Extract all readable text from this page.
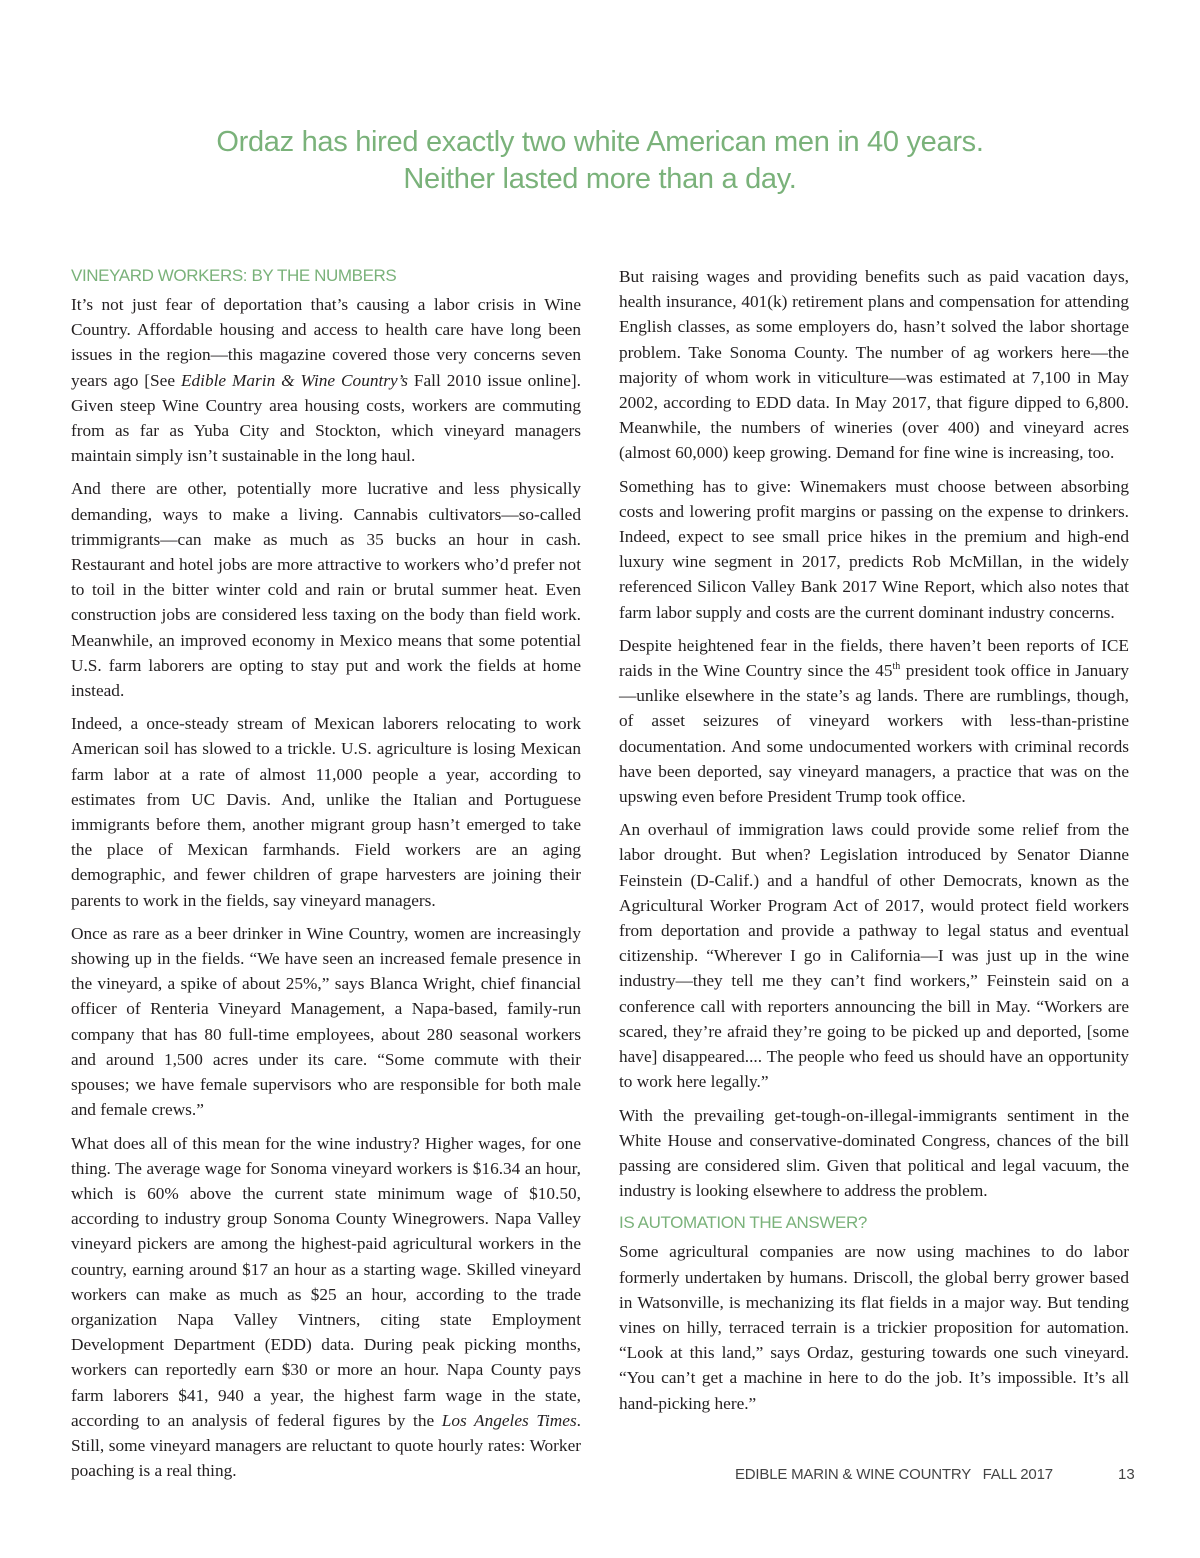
Ordaz has hired exactly two white American men in 40 years.
Neither lasted more than a day.
VINEYARD WORKERS: BY THE NUMBERS

It’s not just fear of deportation that’s causing a labor crisis in Wine Country. Affordable housing and access to health care have long been issues in the region—this magazine covered those very concerns seven years ago [See Edible Marin & Wine Country’s Fall 2010 issue online]. Given steep Wine Country area housing costs, workers are commuting from as far as Yuba City and Stockton, which vineyard managers maintain simply isn’t sustainable in the long haul.

And there are other, potentially more lucrative and less physically demanding, ways to make a living. Cannabis cultivators—so-called trimmigrants—can make as much as 35 bucks an hour in cash. Restaurant and hotel jobs are more attractive to workers who’d prefer not to toil in the bitter winter cold and rain or brutal summer heat. Even construction jobs are considered less taxing on the body than field work. Meanwhile, an improved economy in Mexico means that some potential U.S. farm laborers are opting to stay put and work the fields at home instead.

Indeed, a once-steady stream of Mexican laborers relocating to work American soil has slowed to a trickle. U.S. agriculture is losing Mexican farm labor at a rate of almost 11,000 people a year, according to estimates from UC Davis. And, unlike the Italian and Portuguese immigrants before them, another migrant group hasn’t emerged to take the place of Mexican farmhands. Field workers are an aging demographic, and fewer children of grape harvesters are joining their parents to work in the fields, say vineyard managers.

Once as rare as a beer drinker in Wine Country, women are increasingly showing up in the fields. “We have seen an increased female presence in the vineyard, a spike of about 25%,” says Blanca Wright, chief financial officer of Renteria Vineyard Management, a Napa-based, family-run company that has 80 full-time employees, about 280 seasonal workers and around 1,500 acres under its care. “Some commute with their spouses; we have female supervisors who are responsible for both male and female crews.”

What does all of this mean for the wine industry? Higher wages, for one thing. The average wage for Sonoma vineyard workers is $16.34 an hour, which is 60% above the current state minimum wage of $10.50, according to industry group Sonoma County Winegrowers. Napa Valley vineyard pickers are among the highest-paid agricultural workers in the country, earning around $17 an hour as a starting wage. Skilled vineyard workers can make as much as $25 an hour, according to the trade organization Napa Valley Vintners, citing state Employment Development Department (EDD) data. During peak picking months, workers can reportedly earn $30 or more an hour. Napa County pays farm laborers $41, 940 a year, the highest farm wage in the state, according to an analysis of federal figures by the Los Angeles Times. Still, some vineyard managers are reluctant to quote hourly rates: Worker poaching is a real thing.

But raising wages and providing benefits such as paid vacation days, health insurance, 401(k) retirement plans and compensation for attending English classes, as some employers do, hasn’t solved the labor shortage problem. Take Sonoma County. The number of ag workers here—the majority of whom work in viticulture—was estimated at 7,100 in May 2002, according to EDD data. In May 2017, that figure dipped to 6,800. Meanwhile, the numbers of wineries (over 400) and vineyard acres (almost 60,000) keep growing. Demand for fine wine is increasing, too.

Something has to give: Winemakers must choose between absorbing costs and lowering profit margins or passing on the expense to drinkers. Indeed, expect to see small price hikes in the premium and high-end luxury wine segment in 2017, predicts Rob McMillan, in the widely referenced Silicon Valley Bank 2017 Wine Report, which also notes that farm labor supply and costs are the current dominant industry concerns.

Despite heightened fear in the fields, there haven’t been reports of ICE raids in the Wine Country since the 45th president took office in January—unlike elsewhere in the state’s ag lands. There are rumblings, though, of asset seizures of vineyard workers with less-than-pristine documentation. And some undocumented workers with criminal records have been deported, say vineyard managers, a practice that was on the upswing even before President Trump took office.

An overhaul of immigration laws could provide some relief from the labor drought. But when? Legislation introduced by Senator Dianne Feinstein (D-Calif.) and a handful of other Democrats, known as the Agricultural Worker Program Act of 2017, would protect field workers from deportation and provide a pathway to legal status and eventual citizenship. “Wherever I go in California—I was just up in the wine industry—they tell me they can’t find workers,” Feinstein said on a conference call with reporters announcing the bill in May. “Workers are scared, they’re afraid they’re going to be picked up and deported, [some have] disappeared.... The people who feed us should have an opportunity to work here legally.”

With the prevailing get-tough-on-illegal-immigrants sentiment in the White House and conservative-dominated Congress, chances of the bill passing are considered slim. Given that political and legal vacuum, the industry is looking elsewhere to address the problem.

IS AUTOMATION THE ANSWER?

Some agricultural companies are now using machines to do labor formerly undertaken by humans. Driscoll, the global berry grower based in Watsonville, is mechanizing its flat fields in a major way. But tending vines on hilly, terraced terrain is a trickier proposition for automation. “Look at this land,” says Ordaz, gesturing towards one such vineyard. “You can’t get a machine in here to do the job. It’s impossible. It’s all hand-picking here.”

EDIBLE MARIN & WINE COUNTRY   FALL 2017	13
